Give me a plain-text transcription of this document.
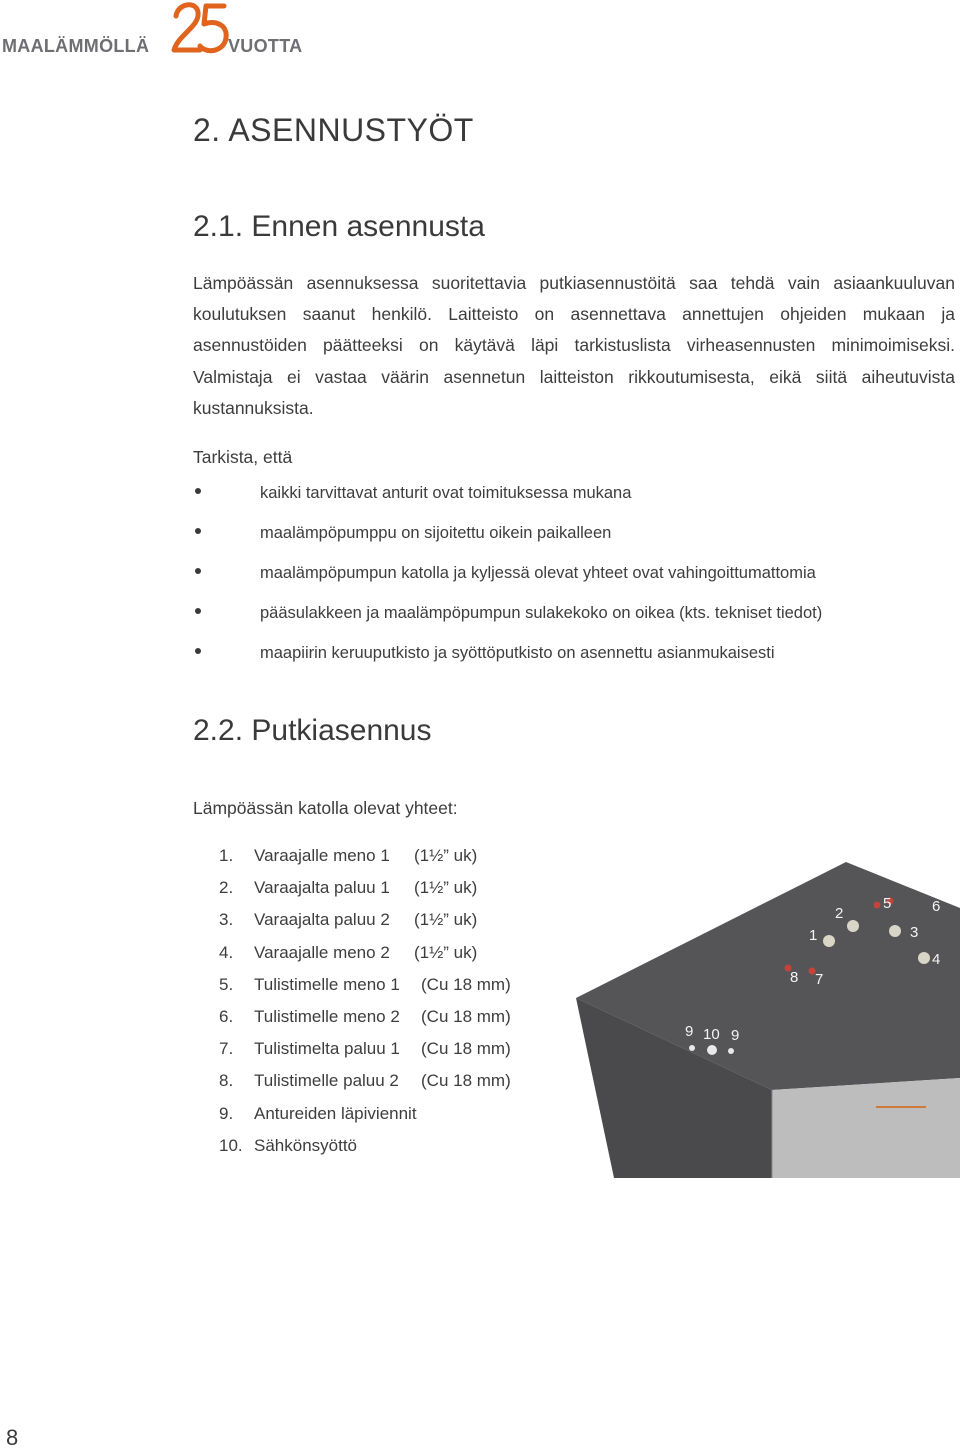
MAALÄMMÖLLÄ	VUOTTA
2. ASENNUSTYÖT
2.1. Ennen asennusta

Lämpöässän asennuksessa suoritettavia putkiasennustöitä saa tehdä vain asiaankuuluvan koulutuksen saanut henkilö. Laitteisto on asennettava annettujen ohjeiden mukaan ja asennustöiden päätteeksi on käytävä läpi tarkistuslista virheasennusten minimoimiseksi. Valmistaja ei vastaa väärin asennetun laitteiston rikkoutumisesta, eikä siitä aiheutuvista kustannuksista.

Tarkista, että
kaikki tarvittavat anturit ovat toimituksessa mukana
maalämpöpumppu on sijoitettu oikein paikalleen
maalämpöpumpun katolla ja kyljessä olevat yhteet ovat vahingoittumattomia
pääsulakkeen ja maalämpöpumpun sulakekoko on oikea (kts. tekniset tiedot)
maapiirin keruuputkisto ja syöttöputkisto on asennettu asianmukaisesti
2.2. Putkiasennus
Lämpöässän katolla olevat yhteet:
1. Varaajalle meno 1 (1½” uk)
2. Varaajalta paluu 1 (1½” uk)
3. Varaajalta paluu 2 (1½” uk)
4. Varaajalle meno 2 (1½” uk)
5. Tulistimelle meno 1 (Cu 18 mm)
6. Tulistimelle meno 2 (Cu 18 mm)
7. Tulistimelta paluu 1 (Cu 18 mm)
8. Tulistimelle paluu 2 (Cu 18 mm)
9. Antureiden läpiviennit
10. Sähkönsyöttö
1
2
3
4
5	6
7
8
9 10 9
8
